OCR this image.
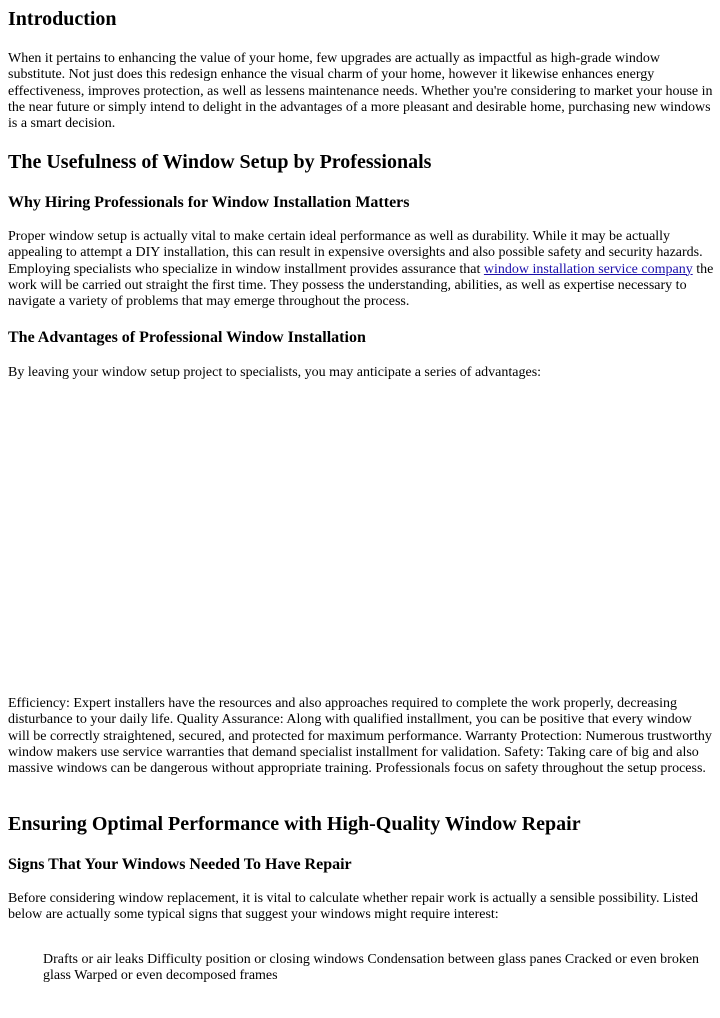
Introduction

When it pertains to enhancing the value of your home, few upgrades are actually as impactful as high-grade window substitute. Not just does this redesign enhance the visual charm of your home, however it likewise enhances energy effectiveness, improves protection, as well as lessens maintenance needs. Whether you're considering to market your house in the near future or simply intend to delight in the advantages of a more pleasant and desirable home, purchasing new windows is a smart decision.

The Usefulness of Window Setup by Professionals
Why Hiring Professionals for Window Installation Matters

Proper window setup is actually vital to make certain ideal performance as well as durability. While it may be actually appealing to attempt a DIY installation, this can result in expensive oversights and also possible safety and security hazards. Employing specialists who specialize in window installment provides assurance that window installation service company the work will be carried out straight the first time. They possess the understanding, abilities, as well as expertise necessary to navigate a variety of problems that may emerge throughout the process.

The Advantages of Professional Window Installation

By leaving your window setup project to specialists, you may anticipate a series of advantages:

Efficiency: Expert installers have the resources and also approaches required to complete the work properly, decreasing disturbance to your daily life. Quality Assurance: Along with qualified installment, you can be positive that every window will be correctly straightened, secured, and protected for maximum performance. Warranty Protection: Numerous trustworthy window makers use service warranties that demand specialist installment for validation. Safety: Taking care of big and also massive windows can be dangerous without appropriate training. Professionals focus on safety throughout the setup process.

Ensuring Optimal Performance with High-Quality Window Repair
Signs That Your Windows Needed To Have Repair

Before considering window replacement, it is vital to calculate whether repair work is actually a sensible possibility. Listed below are actually some typical signs that suggest your windows might require interest:

Drafts or air leaks Difficulty position or closing windows Condensation between glass panes Cracked or even broken glass Warped or even decomposed frames
